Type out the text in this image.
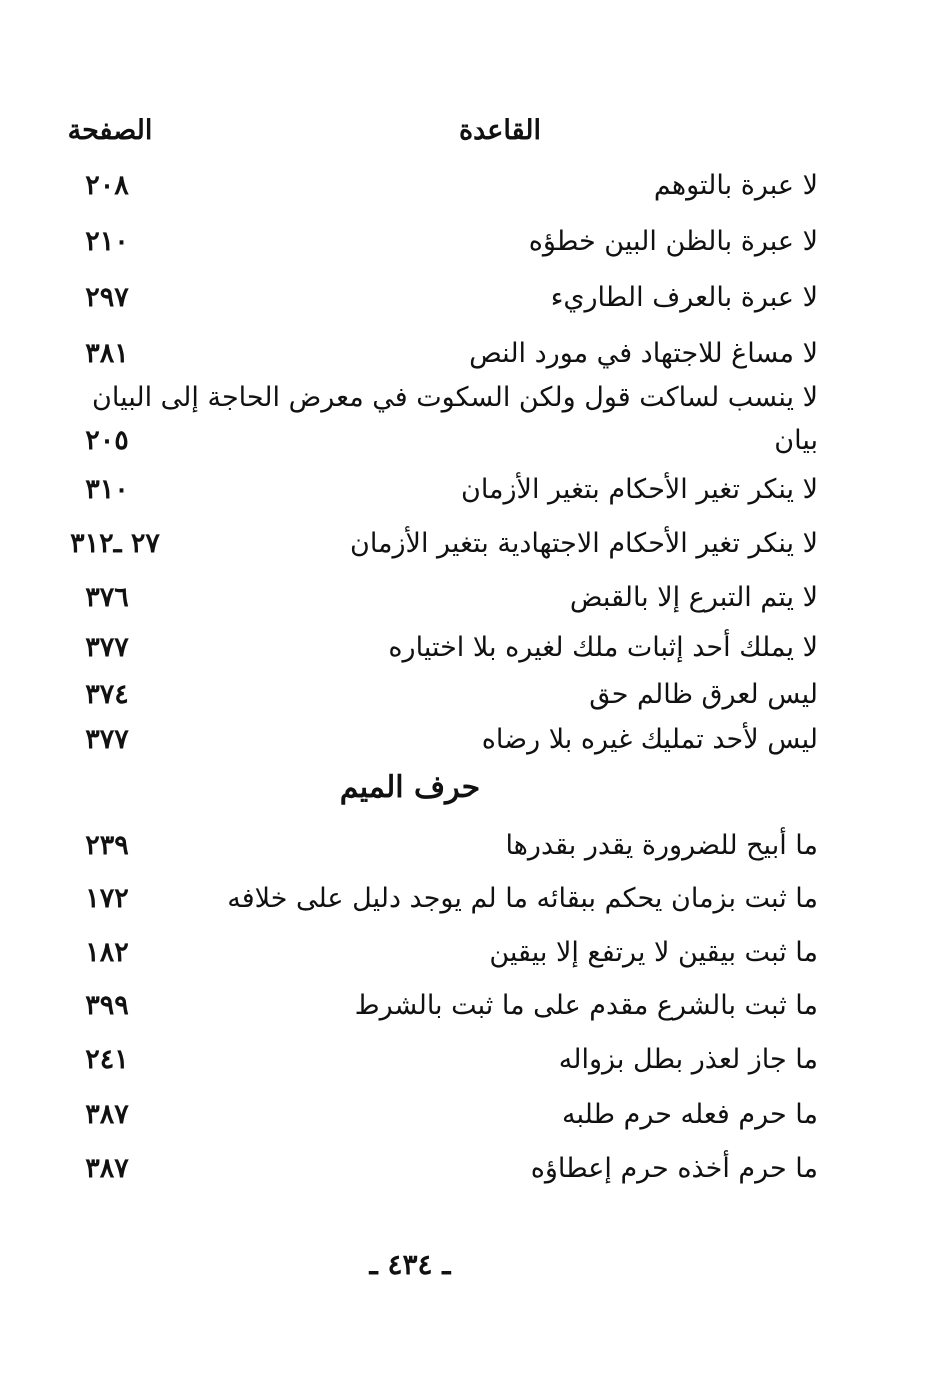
القاعدة
الصفحة
لا عبرة بالتوهم
٢٠٨
لا عبرة بالظن البين خطؤه
٢١٠
لا عبرة بالعرف الطاريء
٢٩٧
لا مساغ للاجتهاد في مورد النص
٣٨١
لا ينسب لساكت قول ولكن السكوت في معرض الحاجة إلى البيان
بيان
٢٠٥
لا ينكر تغير الأحكام بتغير الأزمان
٣١٠
لا ينكر تغير الأحكام الاجتهادية بتغير الأزمان
٢٧ ـ٣١٢
لا يتم التبرع إلا بالقبض
٣٧٦
لا يملك أحد إثبات ملك لغيره بلا اختياره
٣٧٧
ليس لعرق ظالم حق
٣٧٤
ليس لأحد تمليك غيره بلا رضاه
٣٧٧
حرف الميم
ما أبيح للضرورة يقدر بقدرها
٢٣٩
ما ثبت بزمان يحكم ببقائه ما لم يوجد دليل على خلافه
١٧٢
ما ثبت بيقين لا يرتفع إلا بيقين
١٨٢
ما ثبت بالشرع مقدم على ما ثبت بالشرط
٣٩٩
ما جاز لعذر بطل بزواله
٢٤١
ما حرم فعله حرم طلبه
٣٨٧
ما حرم أخذه حرم إعطاؤه
٣٨٧
ـ ٤٣٤ ـ
